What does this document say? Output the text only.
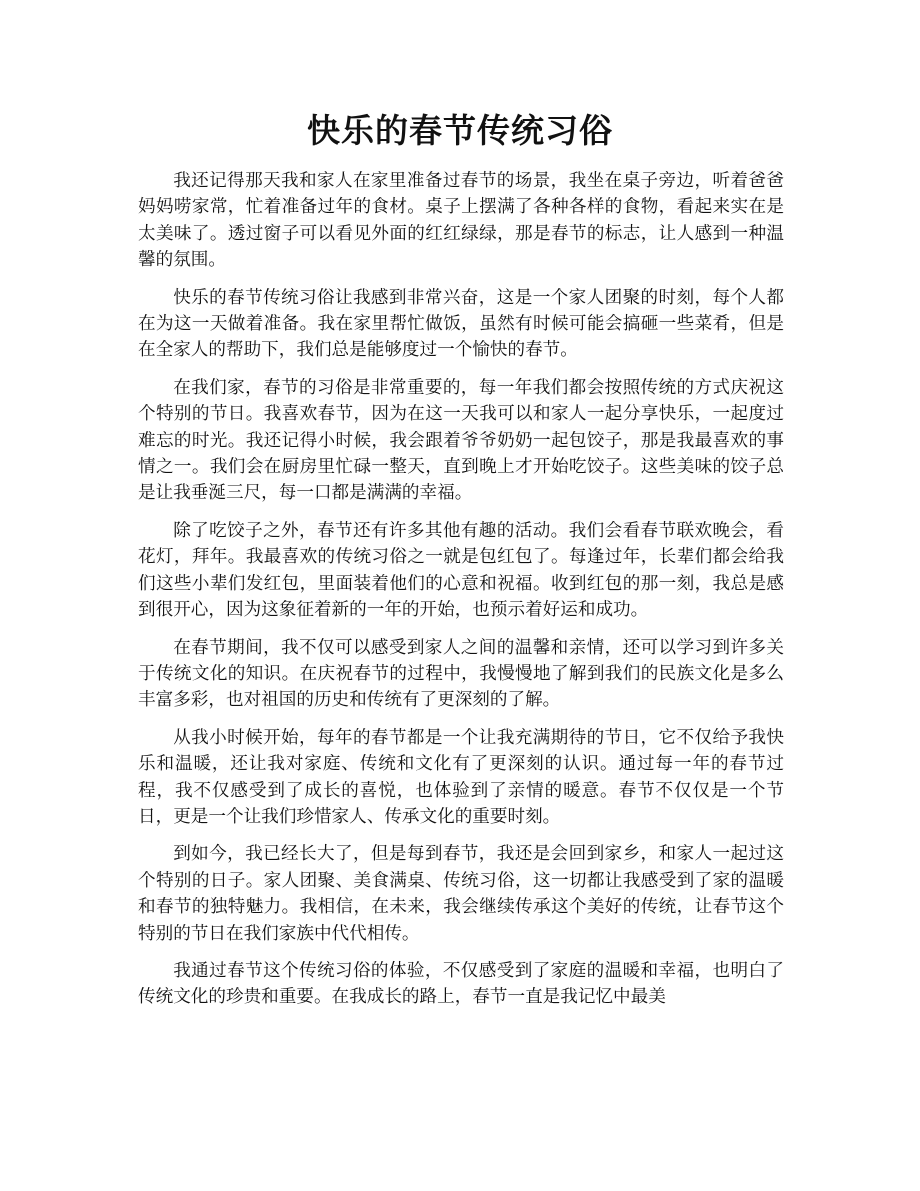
快乐的春节传统习俗

我还记得那天我和家人在家里准备过春节的场景，我坐在桌子旁边，听着爸爸妈妈唠家常，忙着准备过年的食材。桌子上摆满了各种各样的食物，看起来实在是太美味了。透过窗子可以看见外面的红红绿绿，那是春节的标志，让人感到一种温馨的氛围。

快乐的春节传统习俗让我感到非常兴奋，这是一个家人团聚的时刻，每个人都在为这一天做着准备。我在家里帮忙做饭，虽然有时候可能会搞砸一些菜肴，但是在全家人的帮助下，我们总是能够度过一个愉快的春节。

在我们家，春节的习俗是非常重要的，每一年我们都会按照传统的方式庆祝这个特别的节日。我喜欢春节，因为在这一天我可以和家人一起分享快乐，一起度过难忘的时光。我还记得小时候，我会跟着爷爷奶奶一起包饺子，那是我最喜欢的事情之一。我们会在厨房里忙碌一整天，直到晚上才开始吃饺子。这些美味的饺子总是让我垂涎三尺，每一口都是满满的幸福。

除了吃饺子之外，春节还有许多其他有趣的活动。我们会看春节联欢晚会，看花灯，拜年。我最喜欢的传统习俗之一就是包红包了。每逢过年，长辈们都会给我们这些小辈们发红包，里面装着他们的心意和祝福。收到红包的那一刻，我总是感到很开心，因为这象征着新的一年的开始，也预示着好运和成功。

在春节期间，我不仅可以感受到家人之间的温馨和亲情，还可以学习到许多关于传统文化的知识。在庆祝春节的过程中，我慢慢地了解到我们的民族文化是多么丰富多彩，也对祖国的历史和传统有了更深刻的了解。

从我小时候开始，每年的春节都是一个让我充满期待的节日，它不仅给予我快乐和温暖，还让我对家庭、传统和文化有了更深刻的认识。通过每一年的春节过程，我不仅感受到了成长的喜悦，也体验到了亲情的暖意。春节不仅仅是一个节日，更是一个让我们珍惜家人、传承文化的重要时刻。

到如今，我已经长大了，但是每到春节，我还是会回到家乡，和家人一起过这个特别的日子。家人团聚、美食满桌、传统习俗，这一切都让我感受到了家的温暖和春节的独特魅力。我相信，在未来，我会继续传承这个美好的传统，让春节这个特别的节日在我们家族中代代相传。

我通过春节这个传统习俗的体验，不仅感受到了家庭的温暖和幸福，也明白了传统文化的珍贵和重要。在我成长的路上，春节一直是我记忆中最美
